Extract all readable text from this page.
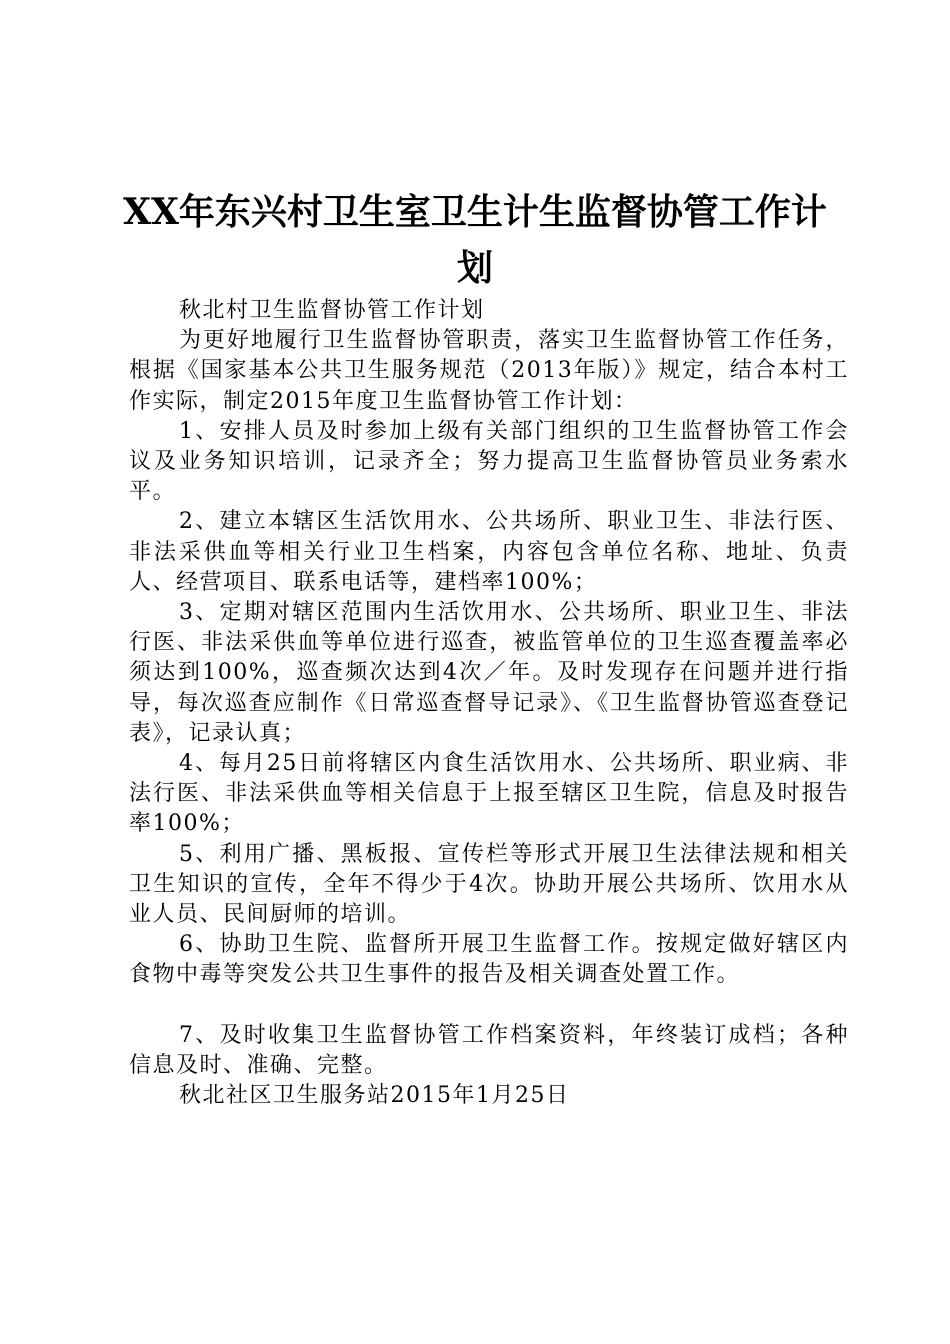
XX年东兴村卫生室卫生计生监督协管工作计
划

秋北村卫生监督协管工作计划

为更好地履行卫生监督协管职责，落实卫生监督协管工作任务，根据《国家基本公共卫生服务规范（2013年版）》规定，结合本村工作实际，制定2015年度卫生监督协管工作计划：

1、安排人员及时参加上级有关部门组织的卫生监督协管工作会议及业务知识培训，记录齐全；努力提高卫生监督协管员业务索水平。

2、建立本辖区生活饮用水、公共场所、职业卫生、非法行医、非法采供血等相关行业卫生档案，内容包含单位名称、地址、负责人、经营项目、联系电话等，建档率100%；

3、定期对辖区范围内生活饮用水、公共场所、职业卫生、非法行医、非法采供血等单位进行巡查，被监管单位的卫生巡查覆盖率必须达到100%，巡查频次达到4次／年。及时发现存在问题并进行指导，每次巡查应制作《日常巡查督导记录》、《卫生监督协管巡查登记表》，记录认真；

4、每月25日前将辖区内食生活饮用水、公共场所、职业病、非法行医、非法采供血等相关信息于上报至辖区卫生院，信息及时报告率100%；

5、利用广播、黑板报、宣传栏等形式开展卫生法律法规和相关卫生知识的宣传，全年不得少于4次。协助开展公共场所、饮用水从业人员、民间厨师的培训。

6、协助卫生院、监督所开展卫生监督工作。按规定做好辖区内食物中毒等突发公共卫生事件的报告及相关调查处置工作。

7、及时收集卫生监督协管工作档案资料，年终装订成档；各种信息及时、准确、完整。

秋北社区卫生服务站2015年1月25日
